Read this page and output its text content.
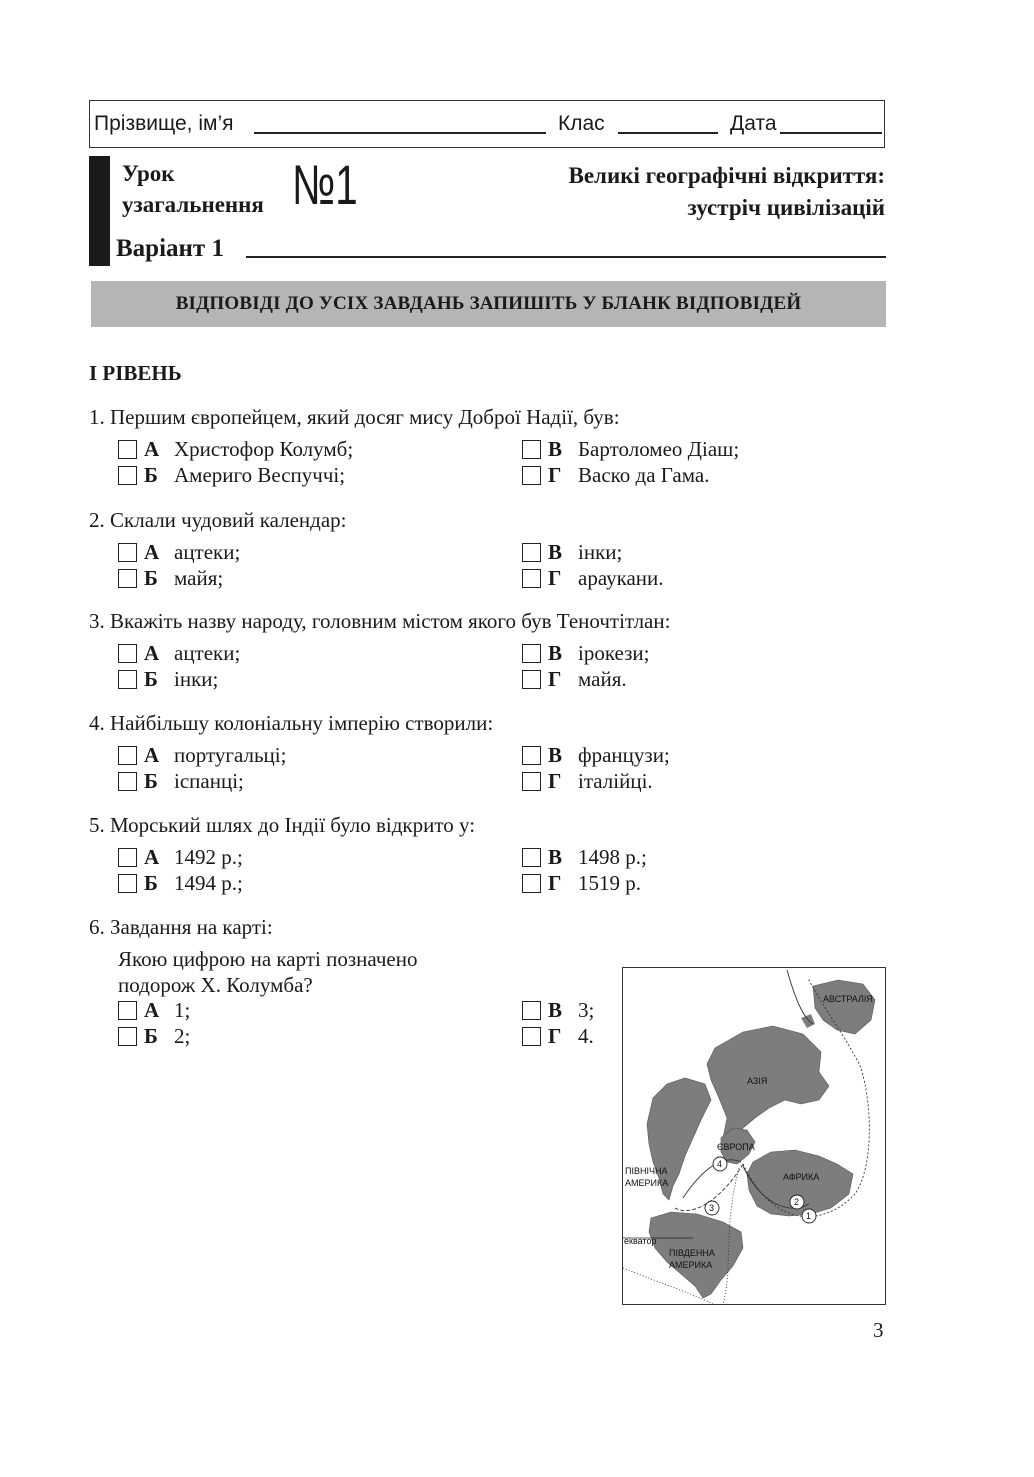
Прізвище, ім’я	Клас	Дата
Урок
узагальнення №1	Великі географічні відкриття:
зустріч цивілізацій
Варіант 1
ВІДПОВІДІ ДО УСІХ ЗАВДАНЬ ЗАПИШІТЬ У БЛАНК ВІДПОВІДЕЙ
І РІВЕНЬ
1. Першим європейцем, який досяг мису Доброї Надії, був:
А Христофор Колумб;
Б Америго Веспуччі;
В Бартоломео Діаш;
Г Васко да Гама.
2. Склали чудовий календар:
А ацтеки;
Б майя;
В інки;
Г араукани.
3. Вкажіть назву народу, головним містом якого був Теночтітлан:
А ацтеки;
Б інки;
В ірокези;
Г майя.
4. Найбільшу колоніальну імперію створили:
А португальці;
Б іспанці;
В французи;
Г італійці.
5. Морський шлях до Індії було відкрито у:
А 1492 р.;
Б 1494 р.;
В 1498 р.;
Г 1519 р.
6. Завдання на карті:
Якою цифрою на карті позначено
подорож Х. Колумба?
А 1;
Б 2;
В 3;
Г 4.
1
2
3
4
АВСТРАЛІЯ
АЗІЯ
ЄВРОПА
АФРИКА
ПІВНІЧНА
АМЕРИКА
ПІВДЕННА
АМЕРИКА
екватор
3
